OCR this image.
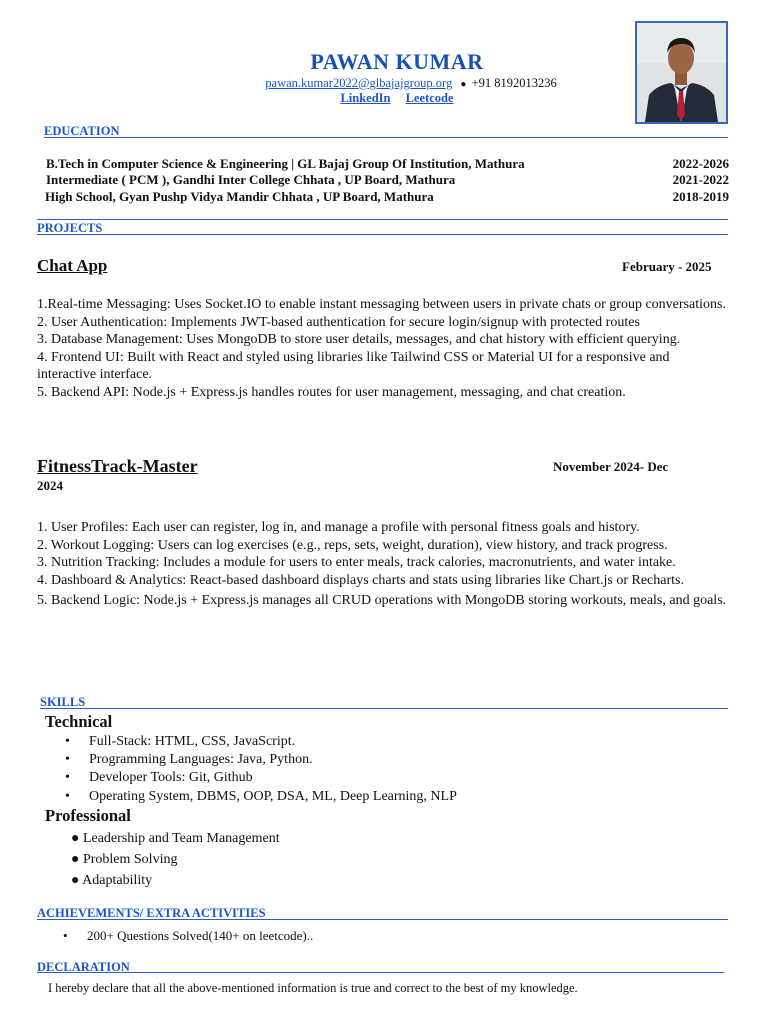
PAWAN KUMAR
pawan.kumar2022@glbajajgroup.org ● +91 8192013236
LinkedIn Leetcode
EDUCATION
B.Tech in Computer Science & Engineering | GL Bajaj Group Of Institution, Mathura	2022-2026
Intermediate ( PCM ), Gandhi Inter College Chhata , UP Board, Mathura	2021-2022
High School, Gyan Pushp Vidya Mandir Chhata , UP Board, Mathura	2018-2019
PROJECTS
Chat App	February - 2025
1.Real-time Messaging: Uses Socket.IO to enable instant messaging between users in private chats or group conversations.
2. User Authentication: Implements JWT-based authentication for secure login/signup with protected routes
3. Database Management: Uses MongoDB to store user details, messages, and chat history with efficient querying.
4. Frontend UI: Built with React and styled using libraries like Tailwind CSS or Material UI for a responsive and interactive interface.
5. Backend API: Node.js + Express.js handles routes for user management, messaging, and chat creation.
FitnessTrack-Master	November 2024- Dec
2024
1. User Profiles: Each user can register, log in, and manage a profile with personal fitness goals and history.
2. Workout Logging: Users can log exercises (e.g., reps, sets, weight, duration), view history, and track progress.
3. Nutrition Tracking: Includes a module for users to enter meals, track calories, macronutrients, and water intake.
4. Dashboard & Analytics: React-based dashboard displays charts and stats using libraries like Chart.js or Recharts.
5. Backend Logic: Node.js + Express.js manages all CRUD operations with MongoDB storing workouts, meals, and goals.
SKILLS
Technical
• Full-Stack: HTML, CSS, JavaScript.
• Programming Languages: Java, Python.
• Developer Tools: Git, Github
• Operating System, DBMS, OOP, DSA, ML, Deep Learning, NLP
Professional
● Leadership and Team Management
● Problem Solving
● Adaptability
ACHIEVEMENTS/ EXTRA ACTIVITIES
• 200+ Questions Solved(140+ on leetcode)..
DECLARATION
I hereby declare that all the above-mentioned information is true and correct to the best of my knowledge.
